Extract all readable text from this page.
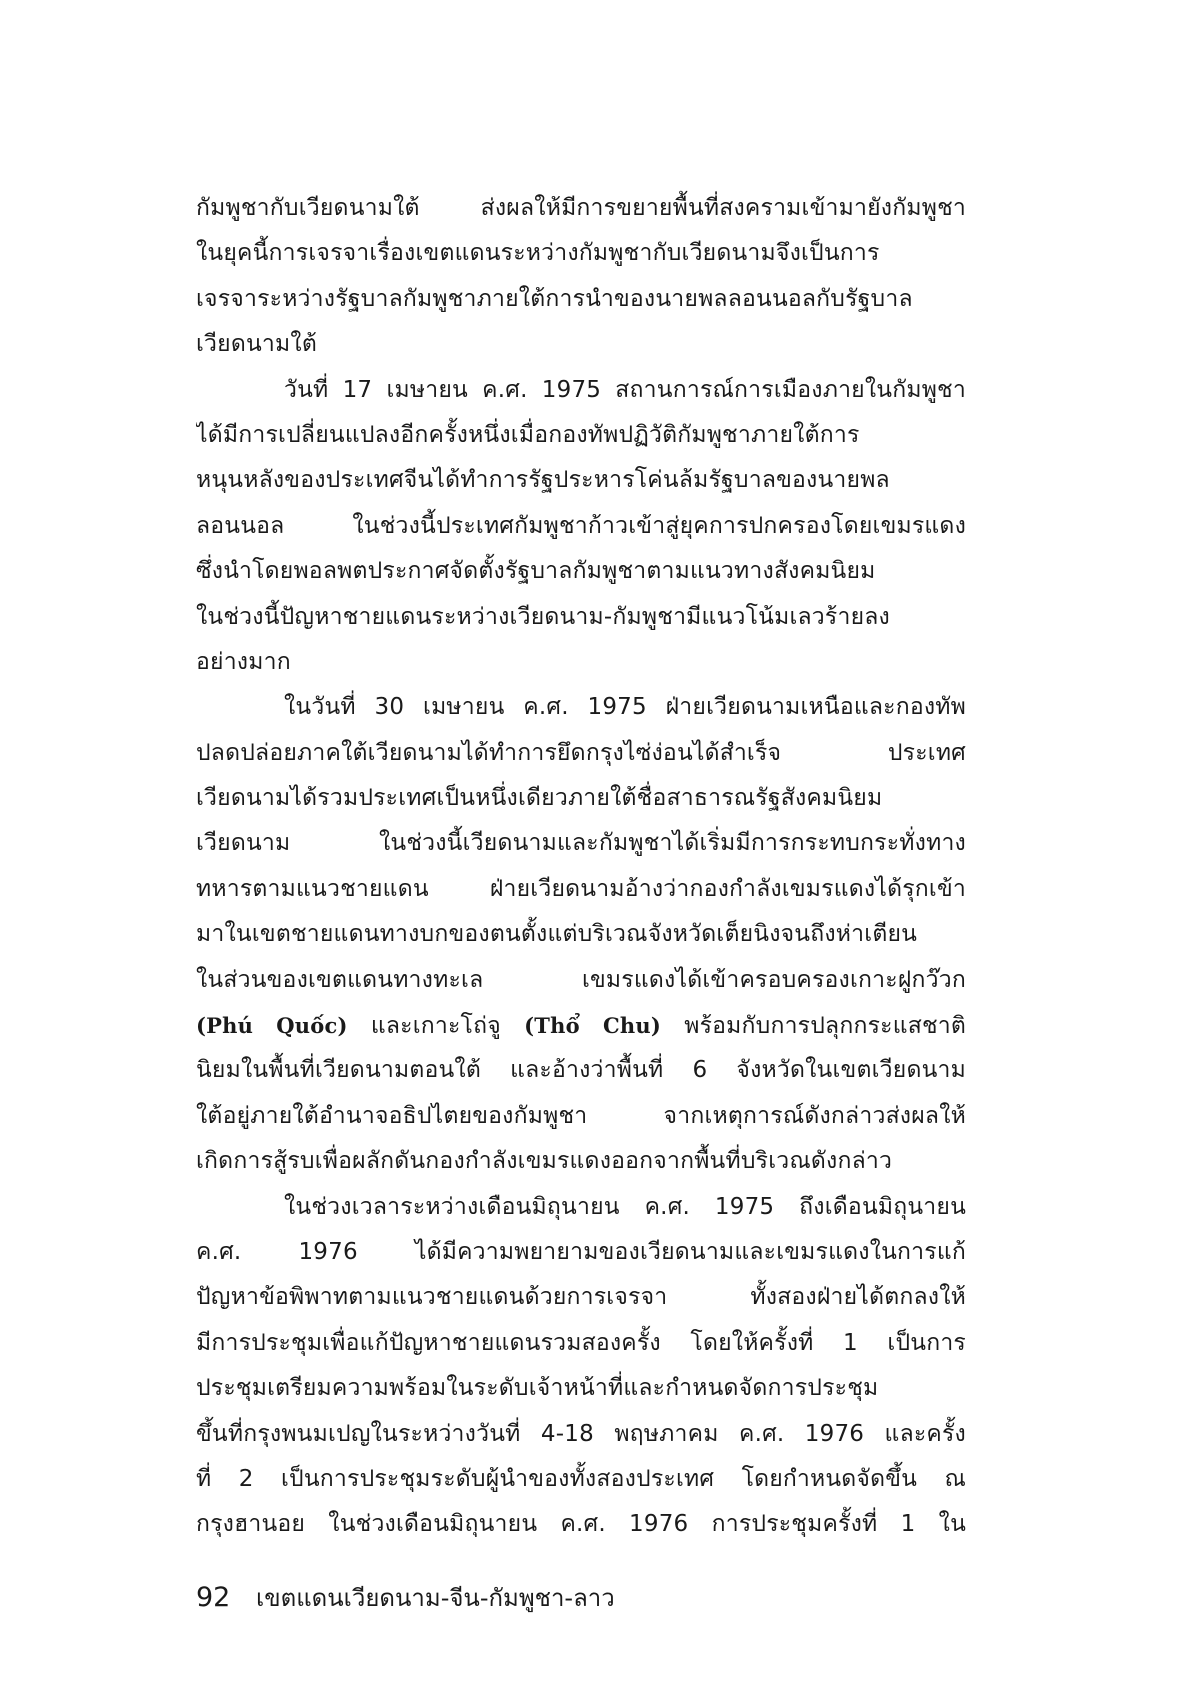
กัมพูชากับเวียดนามใต้ ส่งผลให้มีการขยายพื้นที่สงครามเข้ามายังกัมพูชา
ในยุคนี้การเจรจาเรื่องเขตแดนระหว่างกัมพูชากับเวียดนามจึงเป็นการ
เจรจาระหว่างรัฐบาลกัมพูชาภายใต้การนำของนายพลลอนนอลกับรัฐบาล
เวียดนามใต้
วันที่ 17 เมษายน ค.ศ. 1975 สถานการณ์การเมืองภายในกัมพูชา
ได้มีการเปลี่ยนแปลงอีกครั้งหนึ่งเมื่อกองทัพปฏิวัติกัมพูชาภายใต้การ
หนุนหลังของประเทศจีนได้ทำการรัฐประหารโค่นล้มรัฐบาลของนายพล
ลอนนอล ในช่วงนี้ประเทศกัมพูชาก้าวเข้าสู่ยุคการปกครองโดยเขมรแดง
ซึ่งนำโดยพอลพตประกาศจัดตั้งรัฐบาลกัมพูชาตามแนวทางสังคมนิยม
ในช่วงนี้ปัญหาชายแดนระหว่างเวียดนาม-กัมพูชามีแนวโน้มเลวร้ายลง
อย่างมาก
ในวันที่ 30 เมษายน ค.ศ. 1975 ฝ่ายเวียดนามเหนือและกองทัพ
ปลดปล่อยภาคใต้เวียดนามได้ทำการยึดกรุงไซ่ง่อนได้สำเร็จ ประเทศ
เวียดนามได้รวมประเทศเป็นหนึ่งเดียวภายใต้ชื่อสาธารณรัฐสังคมนิยม
เวียดนาม ในช่วงนี้เวียดนามและกัมพูชาได้เริ่มมีการกระทบกระทั่งทาง
ทหารตามแนวชายแดน ฝ่ายเวียดนามอ้างว่ากองกำลังเขมรแดงได้รุกเข้า
มาในเขตชายแดนทางบกของตนตั้งแต่บริเวณจังหวัดเต็ยนิงจนถึงห่าเตียน
ในส่วนของเขตแดนทางทะเล เขมรแดงได้เข้าครอบครองเกาะฝูกว๊วก
(Phú Quốc) และเกาะโถ่จู (Thổ Chu) พร้อมกับการปลุกกระแสชาติ
นิยมในพื้นที่เวียดนามตอนใต้ และอ้างว่าพื้นที่ 6 จังหวัดในเขตเวียดนาม
ใต้อยู่ภายใต้อำนาจอธิปไตยของกัมพูชา จากเหตุการณ์ดังกล่าวส่งผลให้
เกิดการสู้รบเพื่อผลักดันกองกำลังเขมรแดงออกจากพื้นที่บริเวณดังกล่าว
ในช่วงเวลาระหว่างเดือนมิถุนายน ค.ศ. 1975 ถึงเดือนมิถุนายน
ค.ศ. 1976 ได้มีความพยายามของเวียดนามและเขมรแดงในการแก้
ปัญหาข้อพิพาทตามแนวชายแดนด้วยการเจรจา ทั้งสองฝ่ายได้ตกลงให้
มีการประชุมเพื่อแก้ปัญหาชายแดนรวมสองครั้ง โดยให้ครั้งที่ 1 เป็นการ
ประชุมเตรียมความพร้อมในระดับเจ้าหน้าที่และกำหนดจัดการประชุม
ขึ้นที่กรุงพนมเปญในระหว่างวันที่ 4-18 พฤษภาคม ค.ศ. 1976 และครั้ง
ที่ 2 เป็นการประชุมระดับผู้นำของทั้งสองประเทศ โดยกำหนดจัดขึ้น ณ
กรุงฮานอย ในช่วงเดือนมิถุนายน ค.ศ. 1976 การประชุมครั้งที่ 1 ใน
92 เขตแดนเวียดนาม-จีน-กัมพูชา-ลาว
